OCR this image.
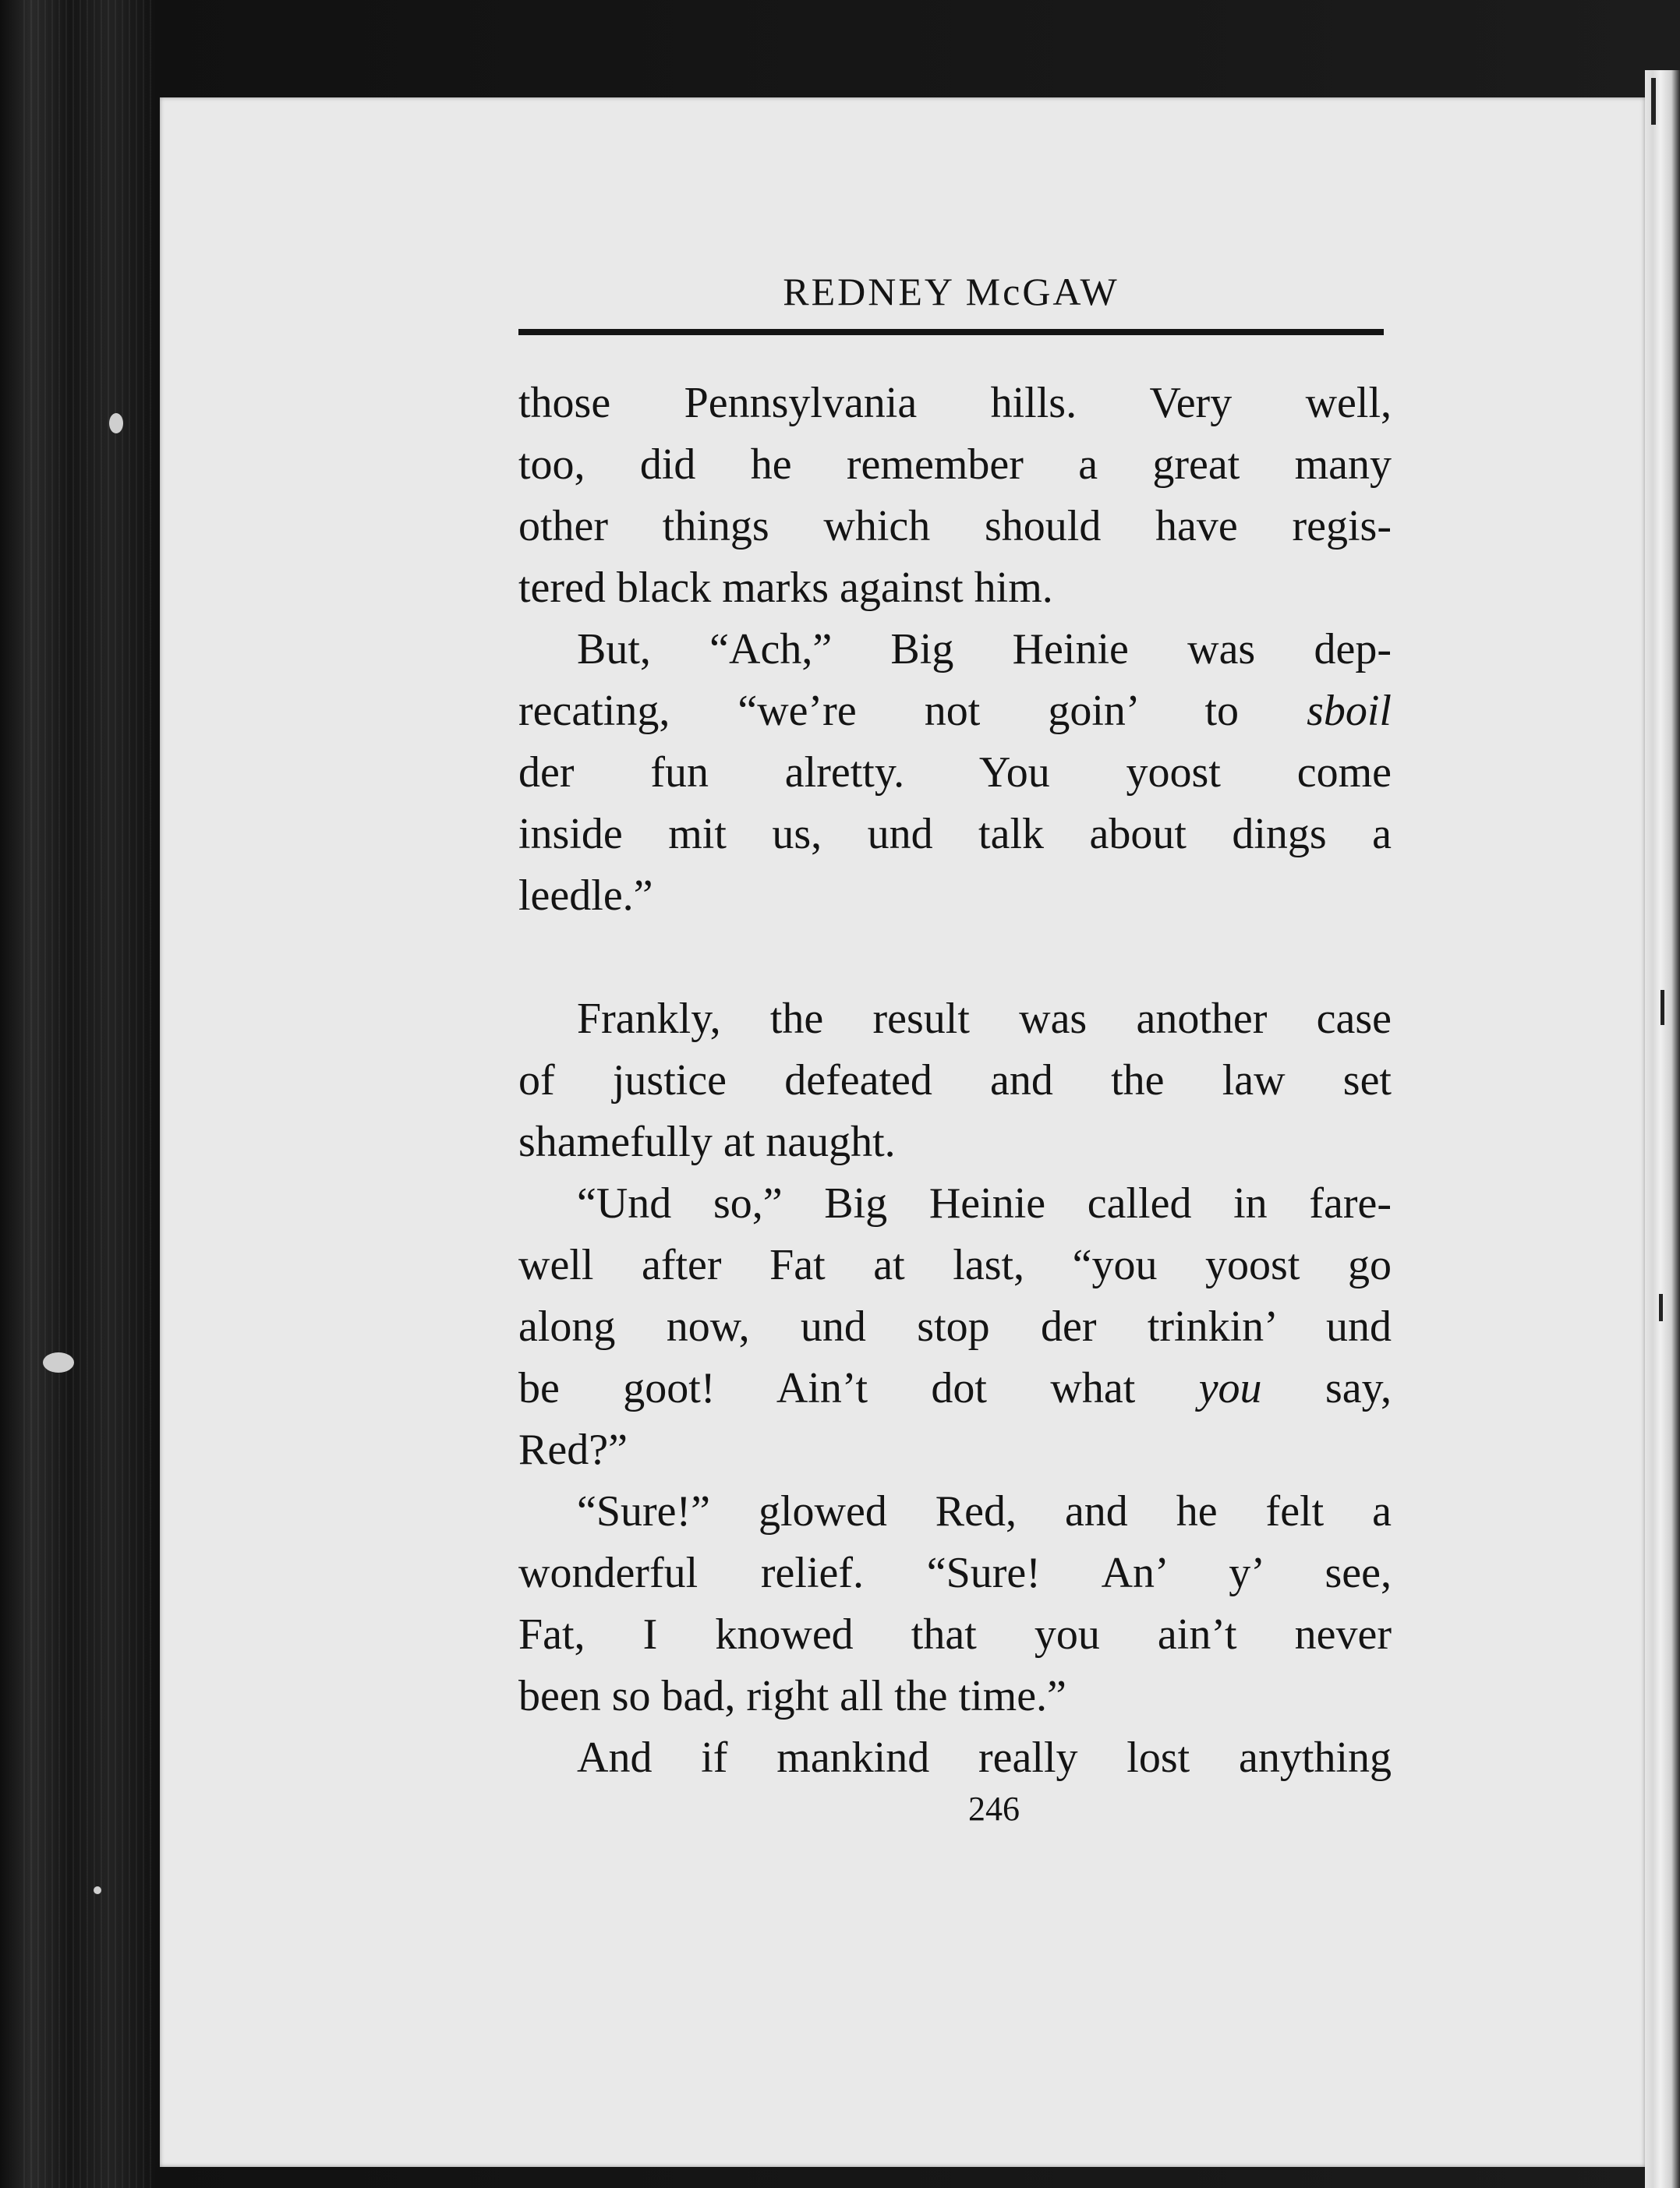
REDNEY McGAW

those Pennsylvania hills. Very well,
too, did he remember a great many
other things which should have regis-
tered black marks against him.

But, “Ach,” Big Heinie was dep-
recating, “we’re not goin’ to sboil
der fun alretty. You yoost come
inside mit us, und talk about dings a
leedle.”

Frankly, the result was another case
of justice defeated and the law set
shamefully at naught.

“Und so,” Big Heinie called in fare-
well after Fat at last, “you yoost go
along now, und stop der trinkin’ und
be goot! Ain’t dot what you say,
Red?”

“Sure!” glowed Red, and he felt a
wonderful relief. “Sure! An’ y’ see,
Fat, I knowed that you ain’t never
been so bad, right all the time.”

And if mankind really lost anything

246
